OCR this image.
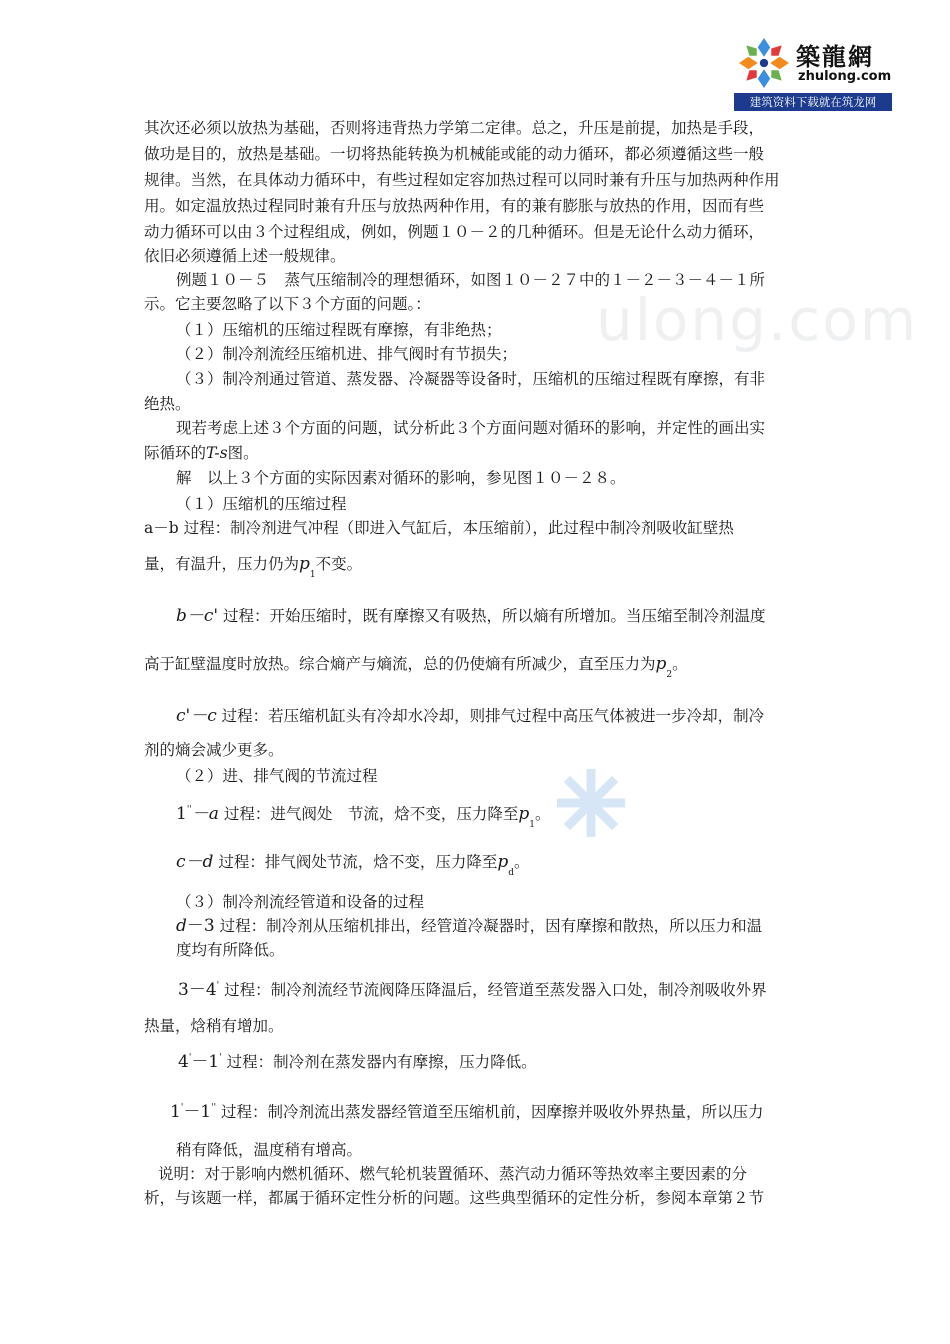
ulong.com
築龍網
zhulong.com
建筑资料下载就在筑龙网
其次还必须以放热为基础，否则将违背热力学第二定律。总之，升压是前提，加热是手段，
做功是目的，放热是基础。一切将热能转换为机械能或能的动力循环，都必须遵循这些一般
规律。当然，在具体动力循环中，有些过程如定容加热过程可以同时兼有升压与加热两种作用
用。如定温放热过程同时兼有升压与放热两种作用，有的兼有膨胀与放热的作用，因而有些
动力循环可以由３个过程组成，例如，例题１０－２的几种循环。但是无论什么动力循环，
依旧必须遵循上述一般规律。
例题１０－５　蒸气压缩制冷的理想循环，如图１０－２７中的１－２－３－４－１所
示。它主要忽略了以下３个方面的问题。：
（１）压缩机的压缩过程既有摩擦，有非绝热；
（２）制冷剂流经压缩机进、排气阀时有节损失；
（３）制冷剂通过管道、蒸发器、冷凝器等设备时，压缩机的压缩过程既有摩擦，有非
绝热。
现若考虑上述３个方面的问题，试分析此３个方面问题对循环的影响，并定性的画出实
际循环的T-s图。
解　以上３个方面的实际因素对循环的影响，参见图１０－２８。
（１）压缩机的压缩过程
a－b 过程：制冷剂进气冲程（即进入气缸后，本压缩前），此过程中制冷剂吸收缸壁热
量，有温升，压力仍为$p_1$不变。
b－c' 过程：开始压缩时，既有摩擦又有吸热，所以熵有所增加。当压缩至制冷剂温度
高于缸壁温度时放热。综合熵产与熵流，总的仍使熵有所减少，直至压力为$p_2$。
c'－c 过程：若压缩机缸头有冷却水冷却，则排气过程中高压气体被进一步冷却，制冷
剂的熵会减少更多。
（２）进、排气阀的节流过程
1''－a 过程：进气阀处　节流，焓不变，压力降至$p_1$。
c－d 过程：排气阀处节流，焓不变，压力降至$p_d$。
（３）制冷剂流经管道和设备的过程
d－3 过程：制冷剂从压缩机排出，经管道冷凝器时，因有摩擦和散热，所以压力和温
度均有所降低。
3－4' 过程：制冷剂流经节流阀降压降温后，经管道至蒸发器入口处，制冷剂吸收外界
热量，焓稍有增加。
4'－1' 过程：制冷剂在蒸发器内有摩擦，压力降低。
1'－1'' 过程：制冷剂流出蒸发器经管道至压缩机前，因摩擦并吸收外界热量，所以压力
稍有降低，温度稍有增高。
说明：对于影响内燃机循环、燃气轮机装置循环、蒸汽动力循环等热效率主要因素的分
析，与该题一样，都属于循环定性分析的问题。这些典型循环的定性分析，参阅本章第２节
